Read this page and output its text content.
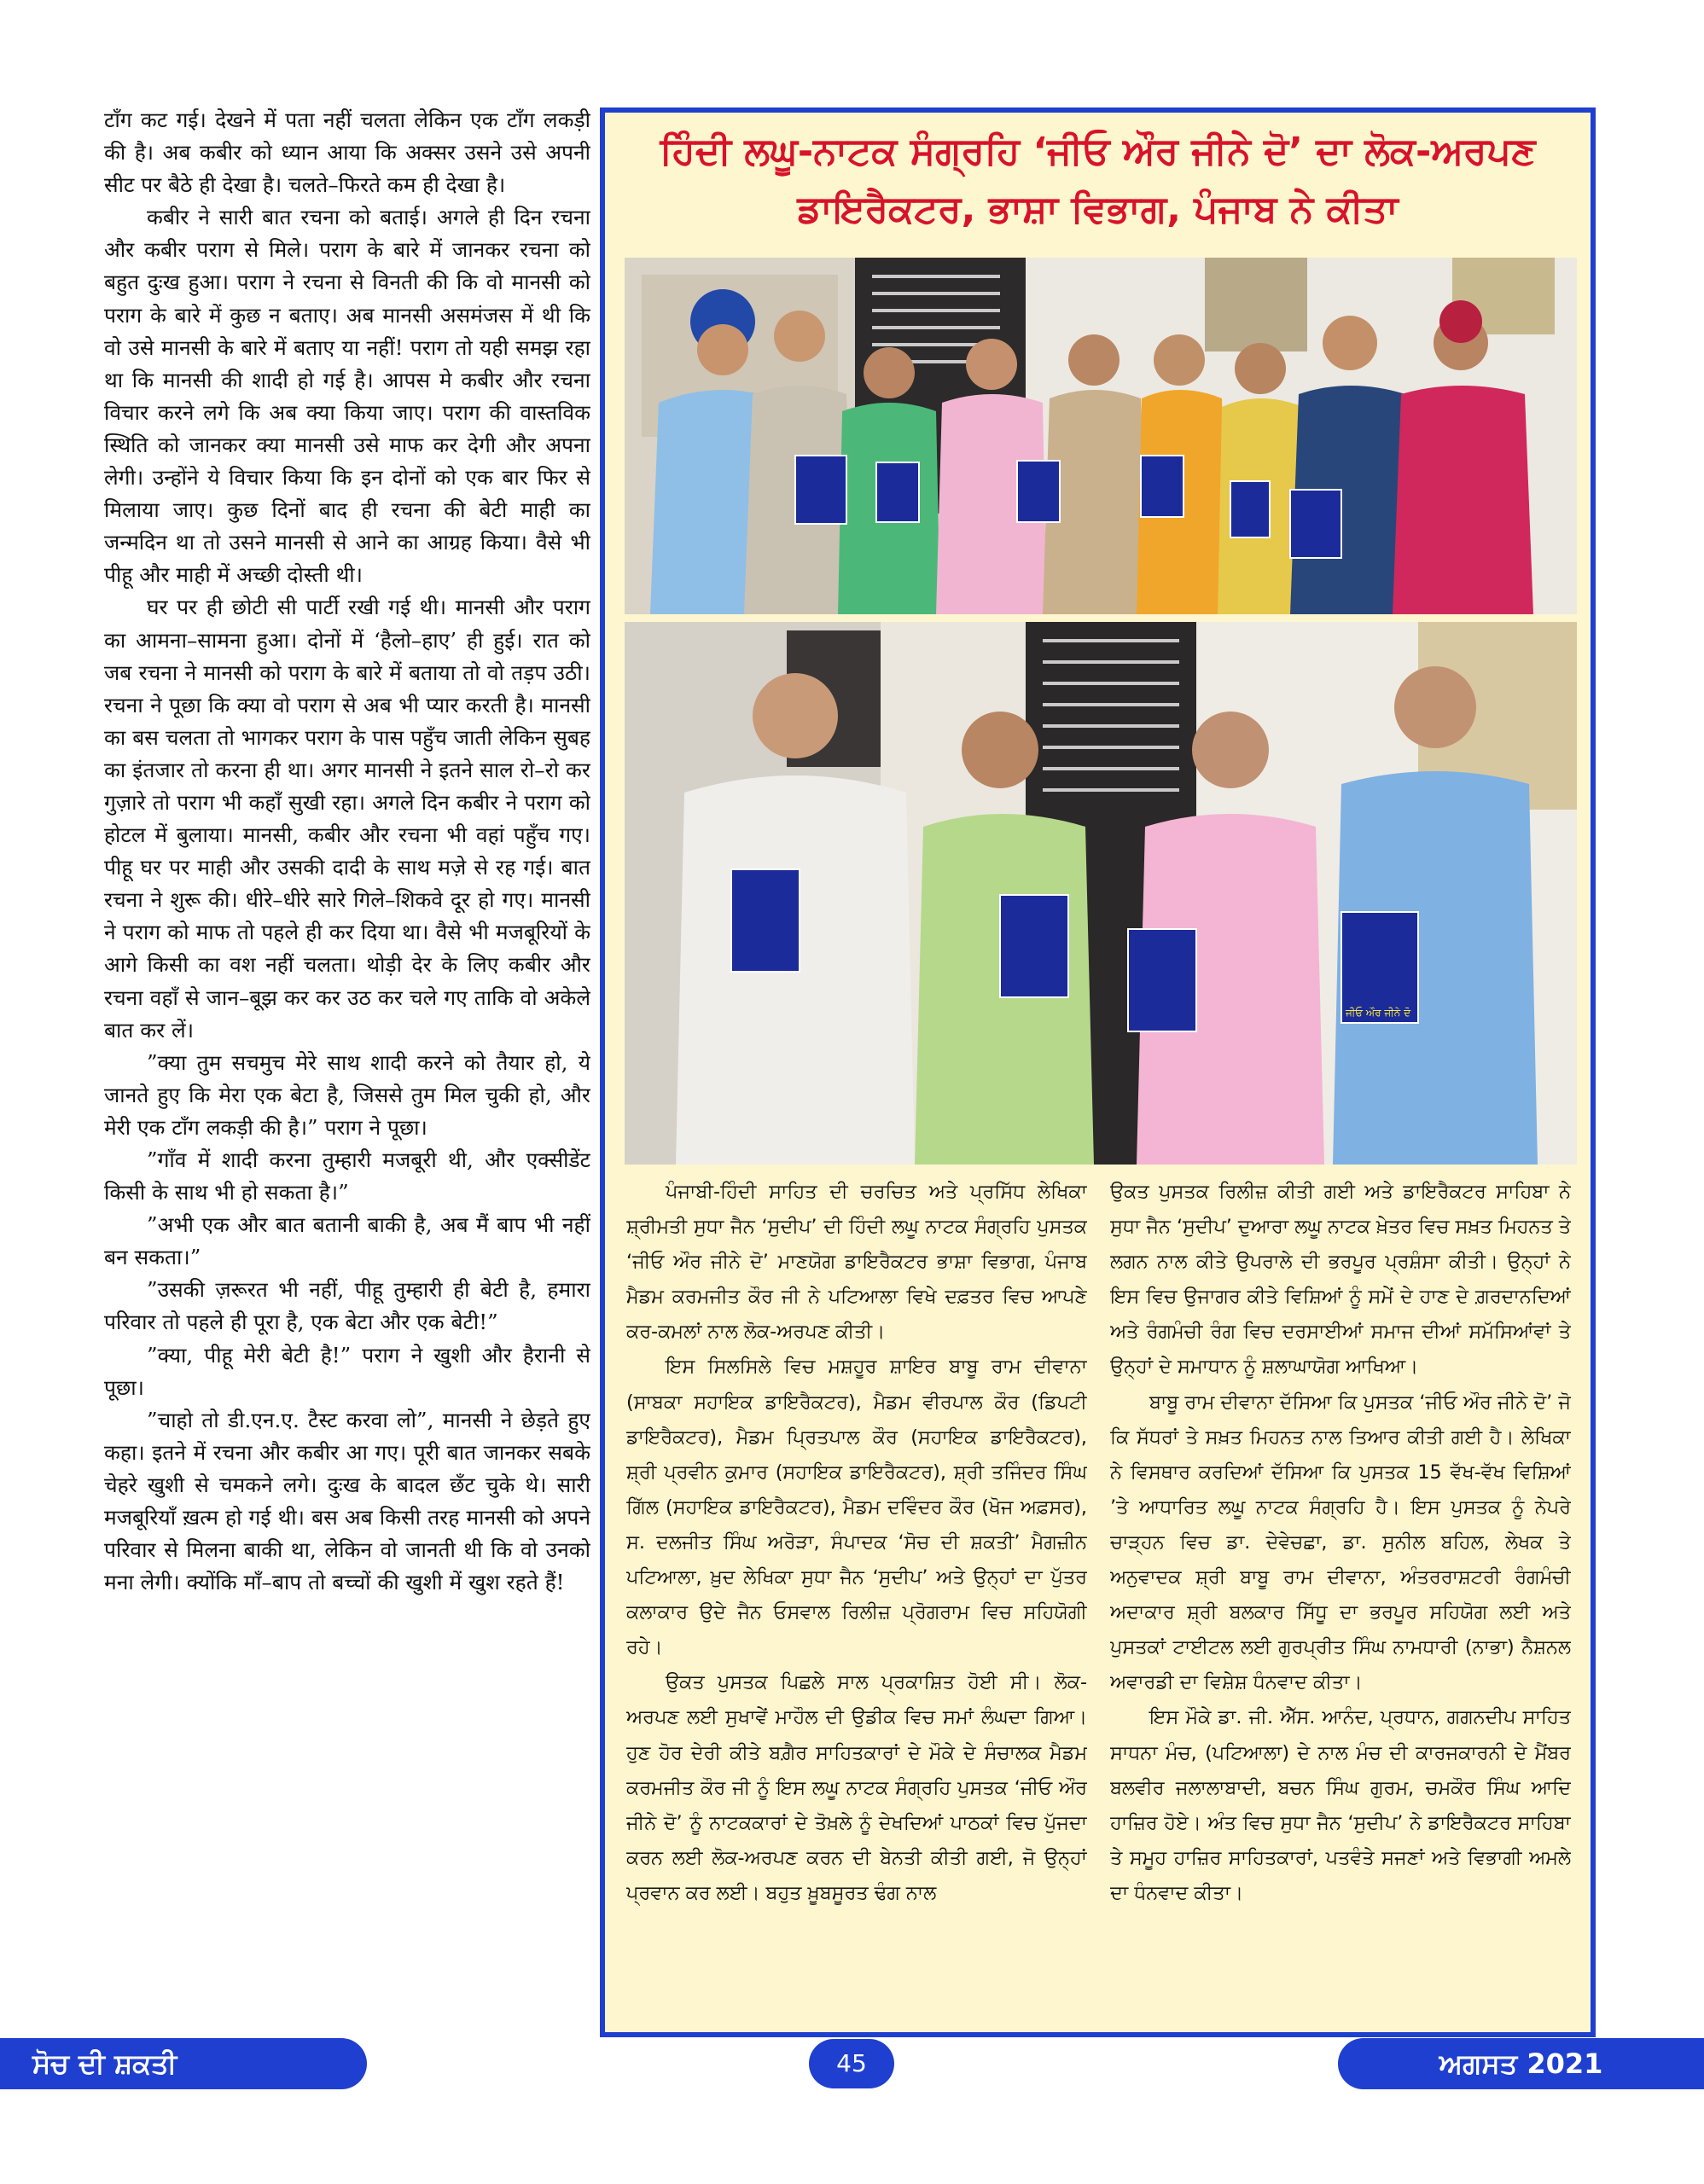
टाँग कट गई। देखने में पता नहीं चलता लेकिन एक टाँग लकड़ी की है। अब कबीर को ध्यान आया कि अक्सर उसने उसे अपनी सीट पर बैठे ही देखा है। चलते–फिरते कम ही देखा है।

कबीर ने सारी बात रचना को बताई। अगले ही दिन रचना और कबीर पराग से मिले। पराग के बारे में जानकर रचना को बहुत दुःख हुआ। पराग ने रचना से विनती की कि वो मानसी को पराग के बारे में कुछ न बताए। अब मानसी असमंजस में थी कि वो उसे मानसी के बारे में बताए या नहीं! पराग तो यही समझ रहा था कि मानसी की शादी हो गई है। आपस मे कबीर और रचना विचार करने लगे कि अब क्या किया जाए। पराग की वास्तविक स्थिति को जानकर क्या मानसी उसे माफ कर देगी और अपना लेगी। उन्होंने ये विचार किया कि इन दोनों को एक बार फिर से मिलाया जाए। कुछ दिनों बाद ही रचना की बेटी माही का जन्मदिन था तो उसने मानसी से आने का आग्रह किया। वैसे भी पीहू और माही में अच्छी दोस्ती थी।

घर पर ही छोटी सी पार्टी रखी गई थी। मानसी और पराग का आमना–सामना हुआ। दोनों में ‘हैलो–हाए’ ही हुई। रात को जब रचना ने मानसी को पराग के बारे में बताया तो वो तड़प उठी। रचना ने पूछा कि क्या वो पराग से अब भी प्यार करती है। मानसी का बस चलता तो भागकर पराग के पास पहुँच जाती लेकिन सुबह का इंतजार तो करना ही था। अगर मानसी ने इतने साल रो–रो कर गुज़ारे तो पराग भी कहाँ सुखी रहा। अगले दिन कबीर ने पराग को होटल में बुलाया। मानसी, कबीर और रचना भी वहां पहुँच गए। पीहू घर पर माही और उसकी दादी के साथ मज़े से रह गई। बात रचना ने शुरू की। धीरे–धीरे सारे गिले–शिकवे दूर हो गए। मानसी ने पराग को माफ तो पहले ही कर दिया था। वैसे भी मजबूरियों के आगे किसी का वश नहीं चलता। थोड़ी देर के लिए कबीर और रचना वहाँ से जान–बूझ कर कर उठ कर चले गए ताकि वो अकेले बात कर लें।

”क्या तुम सचमुच मेरे साथ शादी करने को तैयार हो, ये जानते हुए कि मेरा एक बेटा है, जिससे तुम मिल चुकी हो, और मेरी एक टाँग लकड़ी की है।” पराग ने पूछा।

”गाँव में शादी करना तुम्हारी मजबूरी थी, और एक्सीडेंट किसी के साथ भी हो सकता है।”

”अभी एक और बात बतानी बाकी है, अब मैं बाप भी नहीं बन सकता।”

”उसकी ज़रूरत भी नहीं, पीहू तुम्हारी ही बेटी है, हमारा परिवार तो पहले ही पूरा है, एक बेटा और एक बेटी!”

”क्या, पीहू मेरी बेटी है!” पराग ने खुशी और हैरानी से पूछा।

”चाहो तो डी.एन.ए. टैस्ट करवा लो”, मानसी ने छेड़ते हुए कहा। इतने में रचना और कबीर आ गए। पूरी बात जानकर सबके चेहरे खुशी से चमकने लगे। दुःख के बादल छँट चुके थे। सारी मजबूरियाँ ख़त्म हो गई थी। बस अब किसी तरह मानसी को अपने परिवार से मिलना बाकी था, लेकिन वो जानती थी कि वो उनको मना लेगी। क्योंकि माँ–बाप तो बच्चों की खुशी में खुश रहते हैं!

ਹਿੰਦੀ ਲਘੂ-ਨਾਟਕ ਸੰਗ੍ਰਹਿ ‘ਜੀਓ ਔਰ ਜੀਨੇ ਦੋ’ ਦਾ ਲੋਕ-ਅਰਪਣ
ਡਾਇਰੈਕਟਰ, ਭਾਸ਼ਾ ਵਿਭਾਗ, ਪੰਜਾਬ ਨੇ ਕੀਤਾ
ਜੀਓ ਔਰ ਜੀਨੇ ਦੋ

ਪੰਜਾਬੀ-ਹਿੰਦੀ ਸਾਹਿਤ ਦੀ ਚਰਚਿਤ ਅਤੇ ਪ੍ਰਸਿੱਧ ਲੇਖਿਕਾ ਸ਼੍ਰੀਮਤੀ ਸੁਧਾ ਜੈਨ ‘ਸੁਦੀਪ’ ਦੀ ਹਿੰਦੀ ਲਘੂ ਨਾਟਕ ਸੰਗ੍ਰਹਿ ਪੁਸਤਕ ‘ਜੀਓ ਔਰ ਜੀਨੇ ਦੋ’ ਮਾਣਯੋਗ ਡਾਇਰੈਕਟਰ ਭਾਸ਼ਾ ਵਿਭਾਗ, ਪੰਜਾਬ ਮੈਡਮ ਕਰਮਜੀਤ ਕੌਰ ਜੀ ਨੇ ਪਟਿਆਲਾ ਵਿਖੇ ਦਫ਼ਤਰ ਵਿਚ ਆਪਣੇ ਕਰ-ਕਮਲਾਂ ਨਾਲ ਲੋਕ-ਅਰਪਣ ਕੀਤੀ।

ਇਸ ਸਿਲਸਿਲੇ ਵਿਚ ਮਸ਼ਹੂਰ ਸ਼ਾਇਰ ਬਾਬੂ ਰਾਮ ਦੀਵਾਨਾ (ਸਾਬਕਾ ਸਹਾਇਕ ਡਾਇਰੈਕਟਰ), ਮੈਡਮ ਵੀਰਪਾਲ ਕੌਰ (ਡਿਪਟੀ ਡਾਇਰੈਕਟਰ), ਮੈਡਮ ਪ੍ਰਿਤਪਾਲ ਕੌਰ (ਸਹਾਇਕ ਡਾਇਰੈਕਟਰ), ਸ਼੍ਰੀ ਪ੍ਰਵੀਨ ਕੁਮਾਰ (ਸਹਾਇਕ ਡਾਇਰੈਕਟਰ), ਸ਼੍ਰੀ ਤਜਿੰਦਰ ਸਿੰਘ ਗਿੱਲ (ਸਹਾਇਕ ਡਾਇਰੈਕਟਰ), ਮੈਡਮ ਦਵਿੰਦਰ ਕੌਰ (ਖੋਜ ਅਫ਼ਸਰ), ਸ. ਦਲਜੀਤ ਸਿੰਘ ਅਰੋੜਾ, ਸੰਪਾਦਕ ‘ਸੋਚ ਦੀ ਸ਼ਕਤੀ’ ਮੈਗਜ਼ੀਨ ਪਟਿਆਲਾ, ਖ਼ੁਦ ਲੇਖਿਕਾ ਸੁਧਾ ਜੈਨ ‘ਸੁਦੀਪ’ ਅਤੇ ਉਨ੍ਹਾਂ ਦਾ ਪੁੱਤਰ ਕਲਾਕਾਰ ਉਦੇ ਜੈਨ ਓਸਵਾਲ ਰਿਲੀਜ਼ ਪ੍ਰੋਗਰਾਮ ਵਿਚ ਸਹਿਯੋਗੀ ਰਹੇ।

ਉਕਤ ਪੁਸਤਕ ਪਿਛਲੇ ਸਾਲ ਪ੍ਰਕਾਸ਼ਿਤ ਹੋਈ ਸੀ। ਲੋਕ-ਅਰਪਣ ਲਈ ਸੁਖਾਵੇਂ ਮਾਹੌਲ ਦੀ ਉਡੀਕ ਵਿਚ ਸਮਾਂ ਲੰਘਦਾ ਗਿਆ। ਹੁਣ ਹੋਰ ਦੇਰੀ ਕੀਤੇ ਬਗ਼ੈਰ ਸਾਹਿਤਕਾਰਾਂ ਦੇ ਮੌਕੇ ਦੇ ਸੰਚਾਲਕ ਮੈਡਮ ਕਰਮਜੀਤ ਕੌਰ ਜੀ ਨੂੰ ਇਸ ਲਘੂ ਨਾਟਕ ਸੰਗ੍ਰਹਿ ਪੁਸਤਕ ‘ਜੀਓ ਔਰ ਜੀਨੇ ਦੋ’ ਨੂੰ ਨਾਟਕਕਾਰਾਂ ਦੇ ਤੋਖ਼ਲੇ ਨੂੰ ਦੇਖਦਿਆਂ ਪਾਠਕਾਂ ਵਿਚ ਪੁੱਜਦਾ ਕਰਨ ਲਈ ਲੋਕ-ਅਰਪਣ ਕਰਨ ਦੀ ਬੇਨਤੀ ਕੀਤੀ ਗਈ, ਜੋ ਉਨ੍ਹਾਂ ਪ੍ਰਵਾਨ ਕਰ ਲਈ। ਬਹੁਤ ਖ਼ੂਬਸੂਰਤ ਢੰਗ ਨਾਲ

ਉਕਤ ਪੁਸਤਕ ਰਿਲੀਜ਼ ਕੀਤੀ ਗਈ ਅਤੇ ਡਾਇਰੈਕਟਰ ਸਾਹਿਬਾ ਨੇ ਸੁਧਾ ਜੈਨ ‘ਸੁਦੀਪ’ ਦੁਆਰਾ ਲਘੂ ਨਾਟਕ ਖ਼ੇਤਰ ਵਿਚ ਸਖ਼ਤ ਮਿਹਨਤ ਤੇ ਲਗਨ ਨਾਲ ਕੀਤੇ ਉਪਰਾਲੇ ਦੀ ਭਰਪੂਰ ਪ੍ਰਸ਼ੰਸਾ ਕੀਤੀ। ਉਨ੍ਹਾਂ ਨੇ ਇਸ ਵਿਚ ਉਜਾਗਰ ਕੀਤੇ ਵਿਸ਼ਿਆਂ ਨੂੰ ਸਮੇਂ ਦੇ ਹਾਣ ਦੇ ਗ਼ਰਦਾਨਦਿਆਂ ਅਤੇ ਰੰਗਮੰਚੀ ਰੰਗ ਵਿਚ ਦਰਸਾਈਆਂ ਸਮਾਜ ਦੀਆਂ ਸਮੱਸਿਆਂਵਾਂ ਤੇ ਉਨ੍ਹਾਂ ਦੇ ਸਮਾਧਾਨ ਨੂੰ ਸ਼ਲਾਘਾਯੋਗ ਆਖਿਆ।

ਬਾਬੂ ਰਾਮ ਦੀਵਾਨਾ ਦੱਸਿਆ ਕਿ ਪੁਸਤਕ ‘ਜੀਓ ਔਰ ਜੀਨੇ ਦੋ’ ਜੋ ਕਿ ਸੱਧਰਾਂ ਤੇ ਸਖ਼ਤ ਮਿਹਨਤ ਨਾਲ ਤਿਆਰ ਕੀਤੀ ਗਈ ਹੈ। ਲੇਖਿਕਾ ਨੇ ਵਿਸਥਾਰ ਕਰਦਿਆਂ ਦੱਸਿਆ ਕਿ ਪੁਸਤਕ 15 ਵੱਖ-ਵੱਖ ਵਿਸ਼ਿਆਂ ’ਤੇ ਆਧਾਰਿਤ ਲਘੂ ਨਾਟਕ ਸੰਗ੍ਰਹਿ ਹੈ। ਇਸ ਪੁਸਤਕ ਨੂੰ ਨੇਪਰੇ ਚਾੜ੍ਹਨ ਵਿਚ ਡਾ. ਦੇਵੇਚਛਾ, ਡਾ. ਸੁਨੀਲ ਬਹਿਲ, ਲੇਖਕ ਤੇ ਅਨੁਵਾਦਕ ਸ਼੍ਰੀ ਬਾਬੂ ਰਾਮ ਦੀਵਾਨਾ, ਅੰਤਰਰਾਸ਼ਟਰੀ ਰੰਗਮੰਚੀ ਅਦਾਕਾਰ ਸ਼੍ਰੀ ਬਲਕਾਰ ਸਿੱਧੂ ਦਾ ਭਰਪੂਰ ਸਹਿਯੋਗ ਲਈ ਅਤੇ ਪੁਸਤਕਾਂ ਟਾਈਟਲ ਲਈ ਗੁਰਪ੍ਰੀਤ ਸਿੰਘ ਨਾਮਧਾਰੀ (ਨਾਭਾ) ਨੈਸ਼ਨਲ ਅਵਾਰਡੀ ਦਾ ਵਿਸ਼ੇਸ਼ ਧੰਨਵਾਦ ਕੀਤਾ।

ਇਸ ਮੌਕੇ ਡਾ. ਜੀ. ਐੱਸ. ਆਨੰਦ, ਪ੍ਰਧਾਨ, ਗਗਨਦੀਪ ਸਾਹਿਤ ਸਾਧਨਾ ਮੰਚ, (ਪਟਿਆਲਾ) ਦੇ ਨਾਲ ਮੰਚ ਦੀ ਕਾਰਜਕਾਰਨੀ ਦੇ ਮੈਂਬਰ ਬਲਵੀਰ ਜਲਾਲਾਬਾਦੀ, ਬਚਨ ਸਿੰਘ ਗੁਰਮ, ਚਮਕੌਰ ਸਿੰਘ ਆਦਿ ਹਾਜ਼ਿਰ ਹੋਏ। ਅੰਤ ਵਿਚ ਸੁਧਾ ਜੈਨ ‘ਸੁਦੀਪ’ ਨੇ ਡਾਇਰੈਕਟਰ ਸਾਹਿਬਾ ਤੇ ਸਮੂਹ ਹਾਜ਼ਿਰ ਸਾਹਿਤਕਾਰਾਂ, ਪਤਵੰਤੇ ਸਜਣਾਂ ਅਤੇ ਵਿਭਾਗੀ ਅਮਲੇ ਦਾ ਧੰਨਵਾਦ ਕੀਤਾ।

ਸੋਚ ਦੀ ਸ਼ਕਤੀ	45	ਅਗਸਤ 2021
